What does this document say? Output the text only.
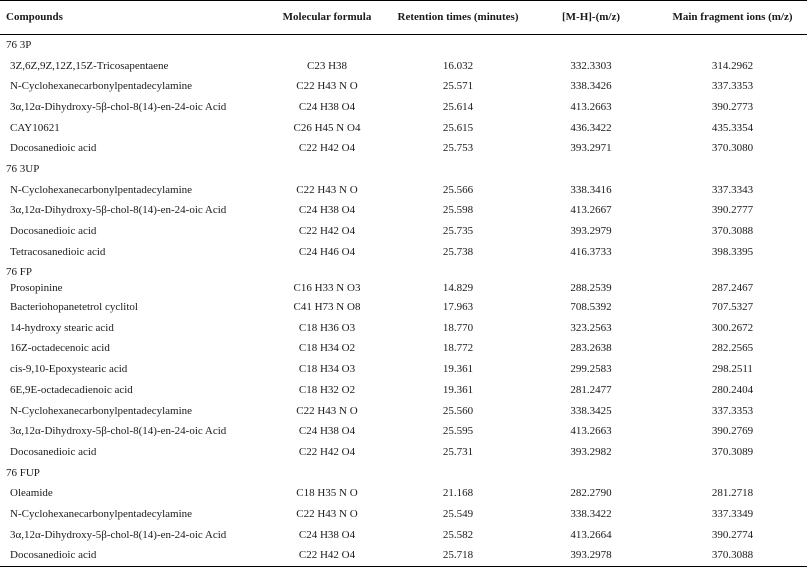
Compounds	Molecular formula	Retention times (minutes)	[M-H]-(m/z)	Main fragment ions (m/z)
76 3P				
3Z,6Z,9Z,12Z,15Z-Tricosapentaene	C23 H38	16.032	332.3303	314.2962
N-Cyclohexanecarbonylpentadecylamine	C22 H43 N O	25.571	338.3426	337.3353
3α,12α-Dihydroxy-5β-chol-8(14)-en-24-oic Acid	C24 H38 O4	25.614	413.2663	390.2773
CAY10621	C26 H45 N O4	25.615	436.3422	435.3354
Docosanedioic acid	C22 H42 O4	25.753	393.2971	370.3080
76 3UP				
N-Cyclohexanecarbonylpentadecylamine	C22 H43 N O	25.566	338.3416	337.3343
3α,12α-Dihydroxy-5β-chol-8(14)-en-24-oic Acid	C24 H38 O4	25.598	413.2667	390.2777
Docosanedioic acid	C22 H42 O4	25.735	393.2979	370.3088
Tetracosanedioic acid	C24 H46 O4	25.738	416.3733	398.3395
76 FP				
Prosopinine	C16 H33 N O3	14.829	288.2539	287.2467
Bacteriohopanetetrol cyclitol	C41 H73 N O8	17.963	708.5392	707.5327
14-hydroxy stearic acid	C18 H36 O3	18.770	323.2563	300.2672
16Z-octadecenoic acid	C18 H34 O2	18.772	283.2638	282.2565
cis-9,10-Epoxystearic acid	C18 H34 O3	19.361	299.2583	298.2511
6E,9E-octadecadienoic acid	C18 H32 O2	19.361	281.2477	280.2404
N-Cyclohexanecarbonylpentadecylamine	C22 H43 N O	25.560	338.3425	337.3353
3α,12α-Dihydroxy-5β-chol-8(14)-en-24-oic Acid	C24 H38 O4	25.595	413.2663	390.2769
Docosanedioic acid	C22 H42 O4	25.731	393.2982	370.3089
76 FUP				
Oleamide	C18 H35 N O	21.168	282.2790	281.2718
N-Cyclohexanecarbonylpentadecylamine	C22 H43 N O	25.549	338.3422	337.3349
3α,12α-Dihydroxy-5β-chol-8(14)-en-24-oic Acid	C24 H38 O4	25.582	413.2664	390.2774
Docosanedioic acid	C22 H42 O4	25.718	393.2978	370.3088
